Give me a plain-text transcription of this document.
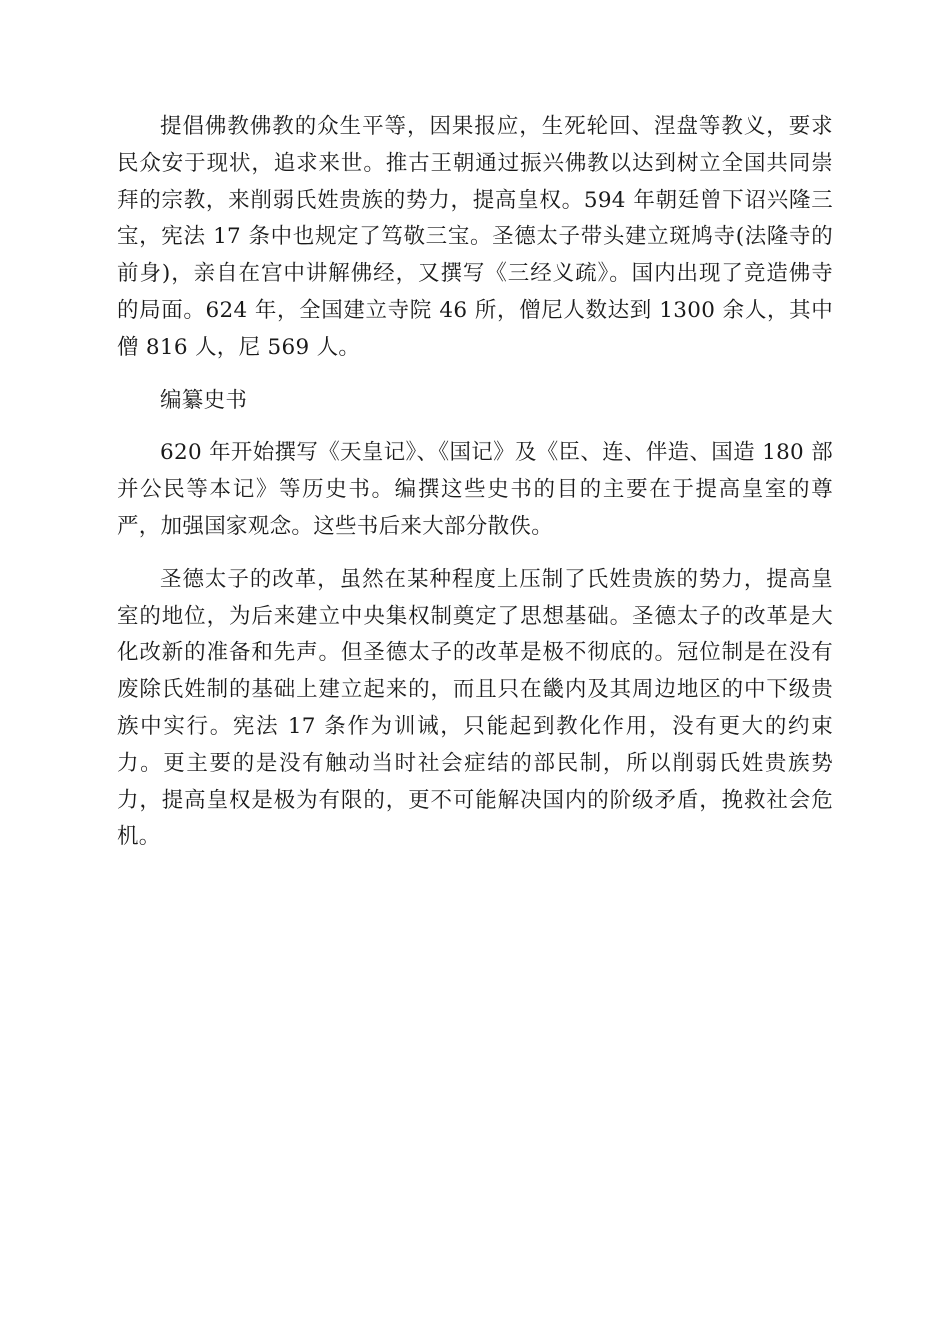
提倡佛教佛教的众生平等，因果报应，生死轮回、涅盘等教义，要求民众安于现状，追求来世。推古王朝通过振兴佛教以达到树立全国共同崇拜的宗教，来削弱氏姓贵族的势力，提高皇权。594 年朝廷曾下诏兴隆三宝，宪法 17 条中也规定了笃敬三宝。圣德太子带头建立斑鸠寺(法隆寺的前身)，亲自在宫中讲解佛经，又撰写《三经义疏》。国内出现了竞造佛寺的局面。624 年，全国建立寺院 46 所，僧尼人数达到 1300 余人，其中僧 816 人，尼 569 人。

编纂史书

620 年开始撰写《天皇记》、《国记》及《臣、连、伴造、国造 180 部并公民等本记》等历史书。编撰这些史书的目的主要在于提高皇室的尊严，加强国家观念。这些书后来大部分散佚。

圣德太子的改革，虽然在某种程度上压制了氏姓贵族的势力，提高皇室的地位，为后来建立中央集权制奠定了思想基础。圣德太子的改革是大化改新的准备和先声。但圣德太子的改革是极不彻底的。冠位制是在没有废除氏姓制的基础上建立起来的，而且只在畿内及其周边地区的中下级贵族中实行。宪法 17 条作为训诫，只能起到教化作用，没有更大的约束力。更主要的是没有触动当时社会症结的部民制，所以削弱氏姓贵族势力，提高皇权是极为有限的，更不可能解决国内的阶级矛盾，挽救社会危机。
